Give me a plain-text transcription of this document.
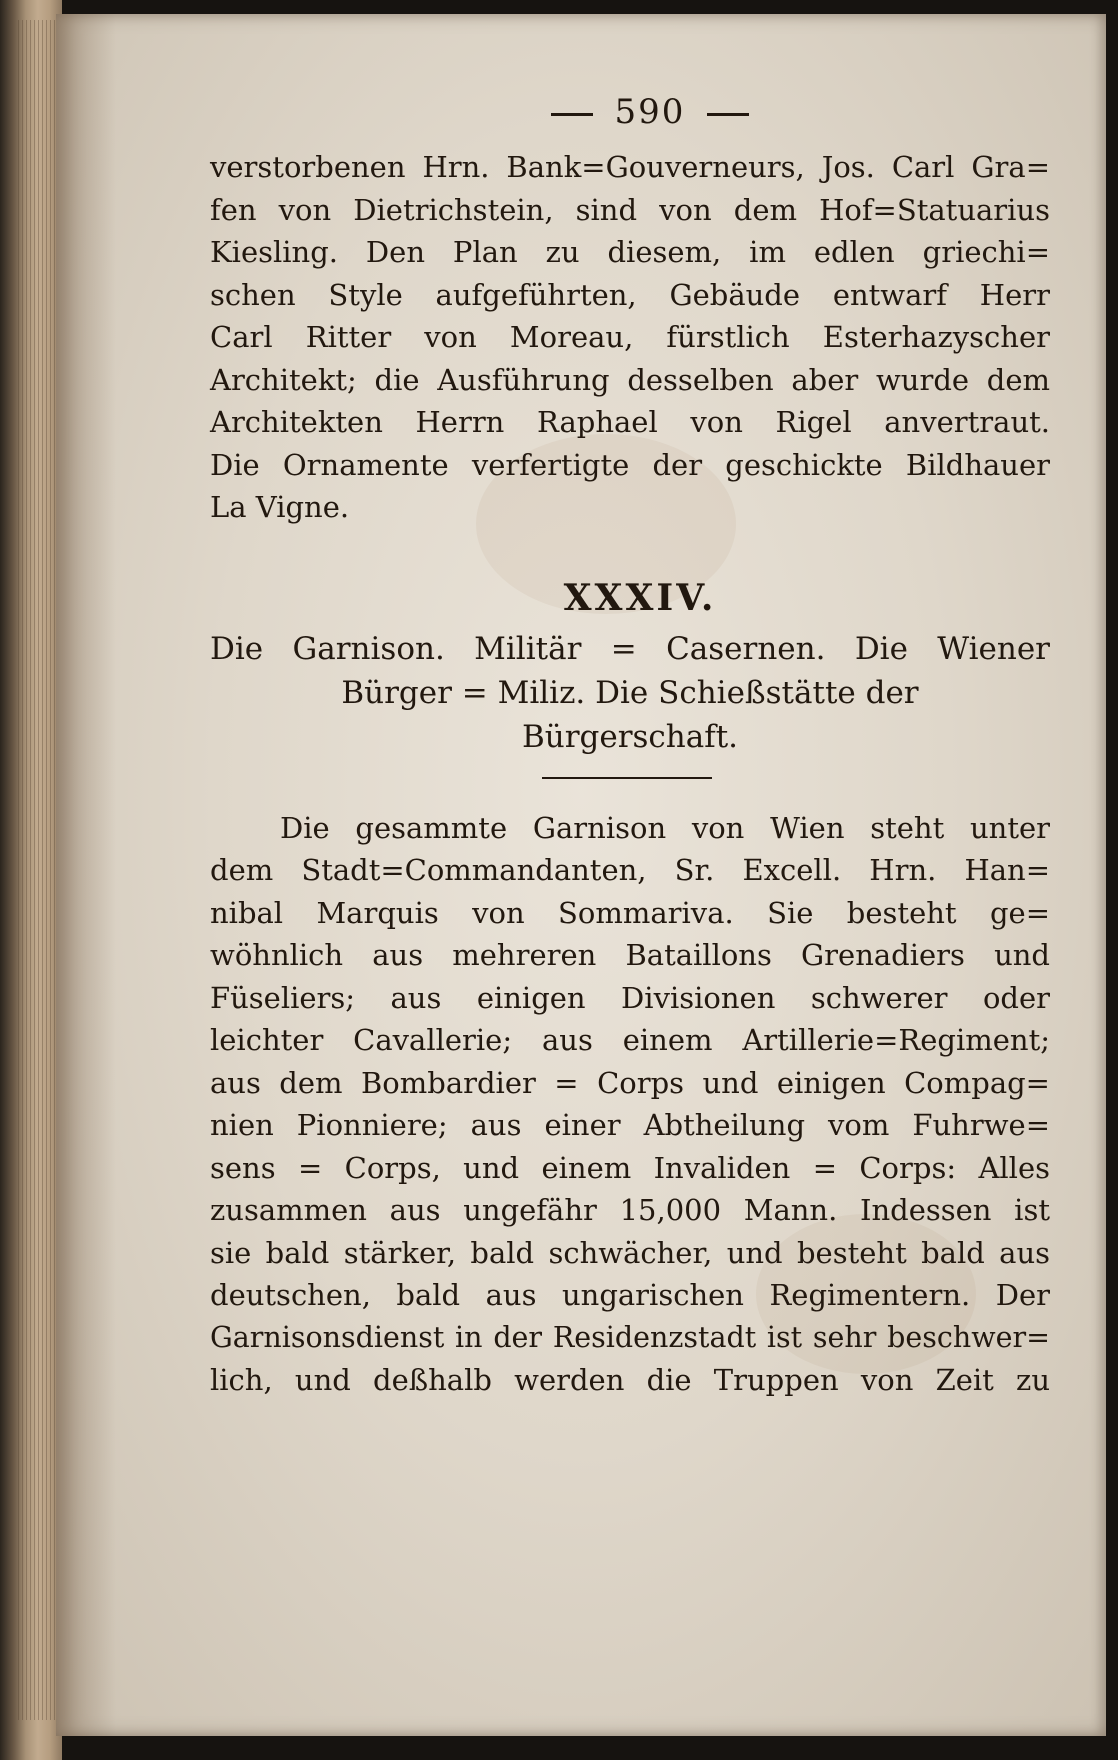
590
verstorbenen Hrn. Bank=Gouverneurs, Jos. Carl Gra=
fen von Dietrichstein, sind von dem Hof=Statuarius
Kiesling. Den Plan zu diesem, im edlen griechi=
schen Style aufgeführten, Gebäude entwarf Herr
Carl Ritter von Moreau, fürstlich Esterhazyscher
Architekt; die Ausführung desselben aber wurde dem
Architekten Herrn Raphael von Rigel anvertraut.
Die Ornamente verfertigte der geschickte Bildhauer
La Vigne.
XXXIV.
Die Garnison. Militär = Casernen. Die Wiener
Bürger = Miliz. Die Schießstätte der
Bürgerschaft.
Die gesammte Garnison von Wien steht unter
dem Stadt=Commandanten, Sr. Excell. Hrn. Han=
nibal Marquis von Sommariva. Sie besteht ge=
wöhnlich aus mehreren Bataillons Grenadiers und
Füseliers; aus einigen Divisionen schwerer oder
leichter Cavallerie; aus einem Artillerie=Regiment;
aus dem Bombardier = Corps und einigen Compag=
nien Pionniere; aus einer Abtheilung vom Fuhrwe=
sens = Corps, und einem Invaliden = Corps: Alles
zusammen aus ungefähr 15,000 Mann. Indessen ist
sie bald stärker, bald schwächer, und besteht bald aus
deutschen, bald aus ungarischen Regimentern. Der
Garnisonsdienst in der Residenzstadt ist sehr beschwer=
lich, und deßhalb werden die Truppen von Zeit zu
